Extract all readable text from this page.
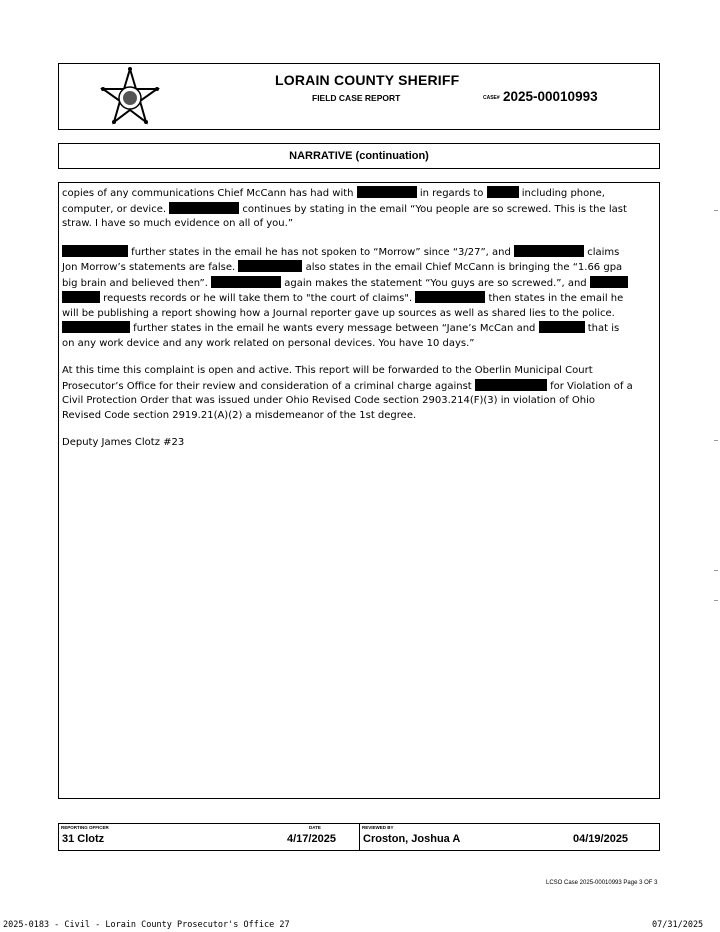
LORAIN COUNTY SHERIFF
FIELD CASE REPORT	CASE# 2025-00010993
NARRATIVE (continuation)

copies of any communications Chief McCann has had with	in regards to	including phone, computer, or device.	continues by stating in the email “You people are so screwed. This is the last straw. I have so much evidence on all of you.”

further states in the email he has not spoken to “Morrow” since “3/27”, and	claims Jon Morrow’s statements are false.	also states in the email Chief McCann is bringing the “1.66 gpa big brain and believed then”.	again makes the statement “You guys are so screwed.”, and  requests records or he will take them to "the court of claims".	then states in the email he will be publishing a report showing how a Journal reporter gave up sources as well as shared lies to the police.  further states in the email he wants every message between “Jane’s McCan and	that is on any work device and any work related on personal devices. You have 10 days.”

At this time this complaint is open and active. This report will be forwarded to the Oberlin Municipal Court Prosecutor’s Office for their review and consideration of a criminal charge against	for Violation of a Civil Protection Order that was issued under Ohio Revised Code section 2903.214(F)(3) in violation of Ohio Revised Code section 2919.21(A)(2) a misdemeanor of the 1st degree.

Deputy James Clotz #23

REPORTING OFFICER
31 Clotz
DATE
4/17/2025
REVIEWED BY
Croston, Joshua A	04/19/2025
LCSO Case 2025-00010993 Page 3 OF 3
2025-0183 - Civil - Lorain County Prosecutor's Office 27	07/31/2025
